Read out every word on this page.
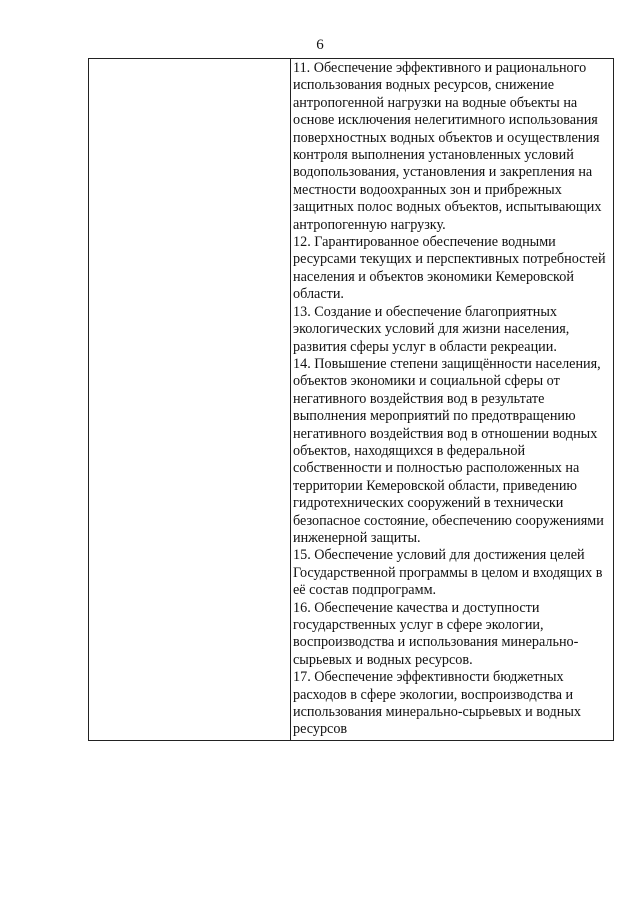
6

11. Обеспечение эффективного и рационального использования водных ресурсов, снижение антропогенной нагрузки на водные объекты на основе исключения нелегитимного использования поверхностных водных объектов и осуществления контроля выполнения установленных условий водопользования, установления и закрепления на местности водоохранных зон и прибрежных защитных полос водных объектов, испытывающих антропогенную нагрузку.

12. Гарантированное обеспечение водными ресурсами текущих и перспективных потребностей населения и объектов экономики Кемеровской области.

13. Создание и обеспечение благоприятных экологических условий для жизни населения, развития сферы услуг в области рекреации.

14. Повышение степени защищённости населения, объектов экономики и социальной сферы от негативного воздействия вод в результате выполнения мероприятий по предотвращению негативного воздействия вод в отношении водных объектов, находящихся в федеральной собственности и полностью расположенных на территории Кемеровской области, приведению гидротехнических сооружений в технически безопасное состояние, обеспечению сооружениями инженерной защиты.

15. Обеспечение условий для достижения целей Государственной программы в целом и входящих в её состав подпрограмм.

16. Обеспечение качества и доступности государственных услуг в сфере экологии, воспроизводства и использования минерально-сырьевых и водных ресурсов.

17. Обеспечение эффективности бюджетных расходов в сфере экологии, воспроизводства и использования минерально-сырьевых и водных ресурсов
